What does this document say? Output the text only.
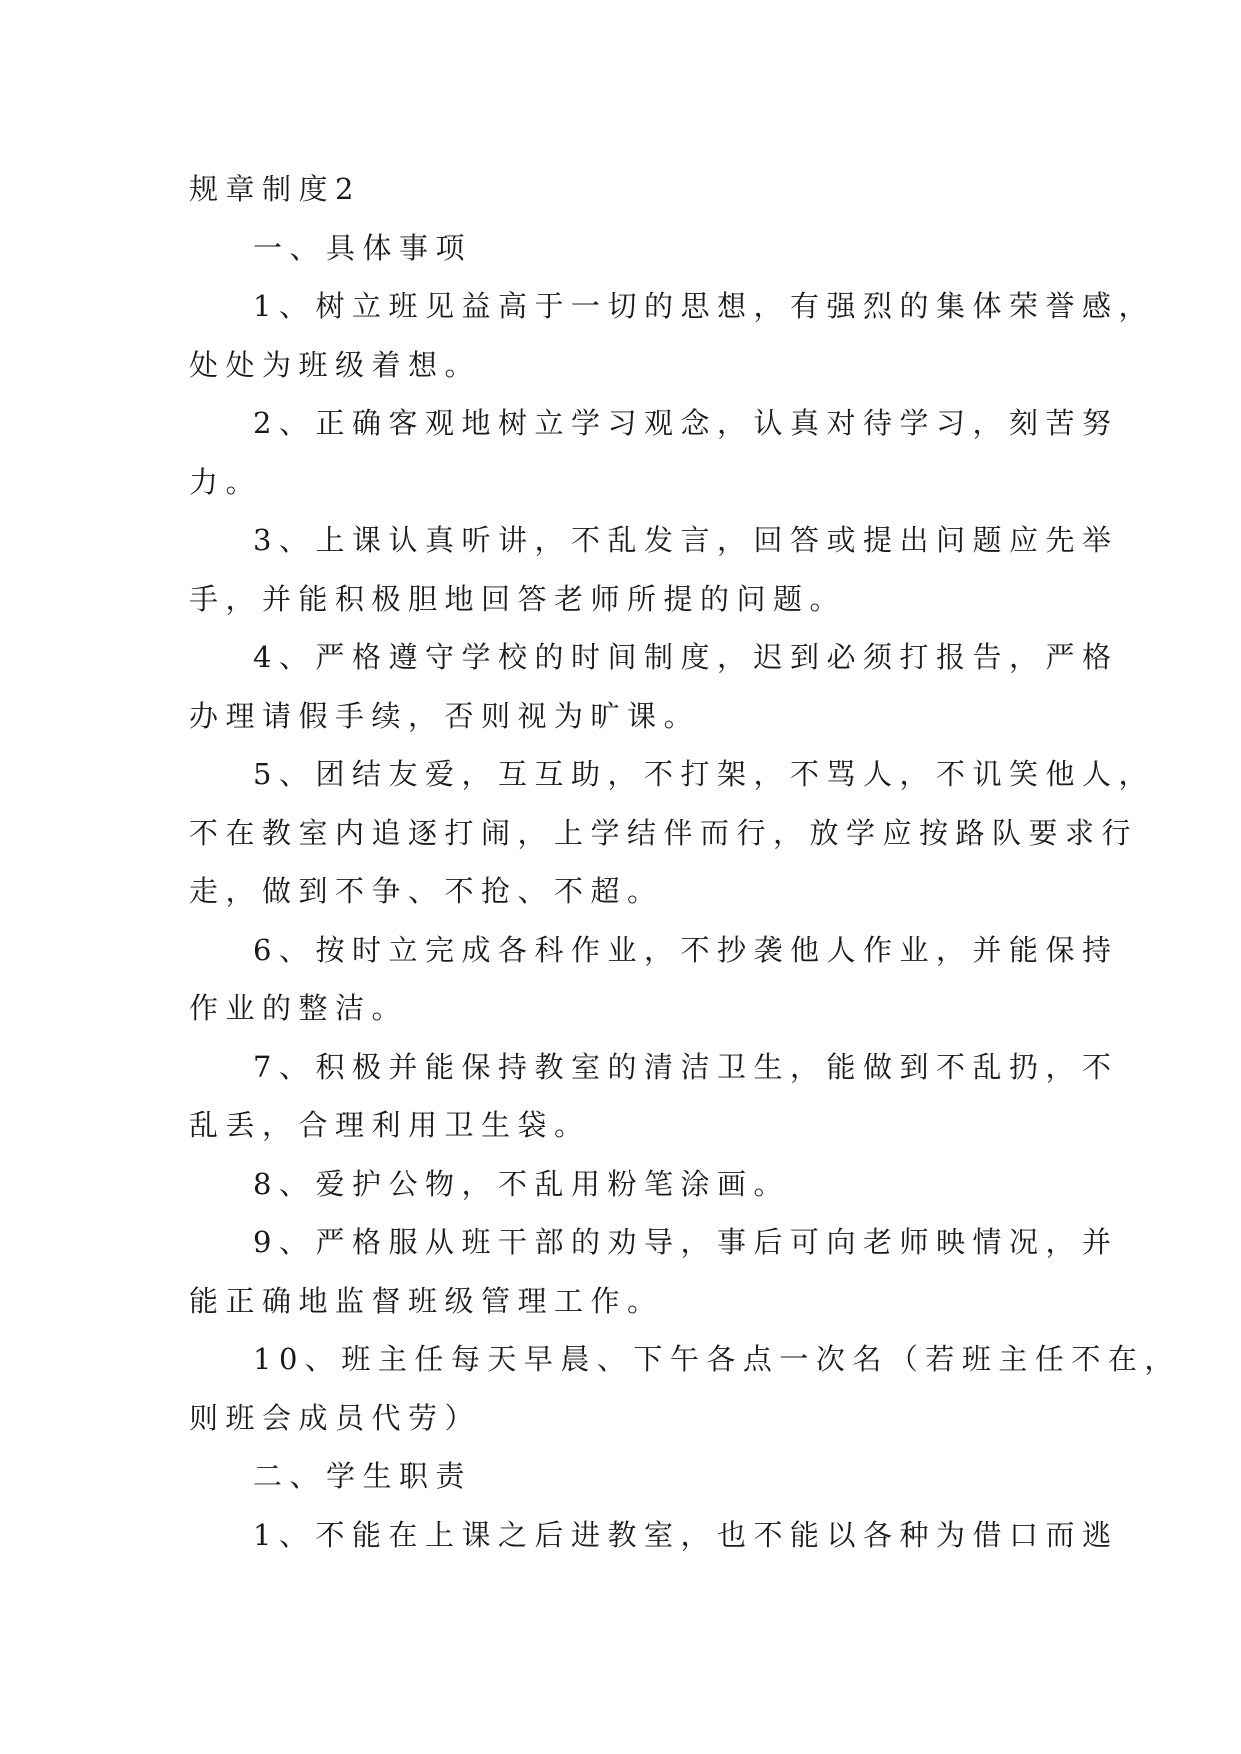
规章制度2

一、具体事项

1、树立班见益高于一切的思想，有强烈的集体荣誉感，
处处为班级着想。

2、正确客观地树立学习观念，认真对待学习，刻苦努
力。

3、上课认真听讲，不乱发言，回答或提出问题应先举
手，并能积极胆地回答老师所提的问题。

4、严格遵守学校的时间制度，迟到必须打报告，严格
办理请假手续，否则视为旷课。

5、团结友爱，互互助，不打架，不骂人，不讥笑他人，
不在教室内追逐打闹，上学结伴而行，放学应按路队要求行
走，做到不争、不抢、不超。

6、按时立完成各科作业，不抄袭他人作业，并能保持
作业的整洁。

7、积极并能保持教室的清洁卫生，能做到不乱扔，不
乱丢，合理利用卫生袋。

8、爱护公物，不乱用粉笔涂画。

9、严格服从班干部的劝导，事后可向老师映情况，并
能正确地监督班级管理工作。

10、班主任每天早晨、下午各点一次名（若班主任不在，
则班会成员代劳）

二、学生职责

1、不能在上课之后进教室，也不能以各种为借口而逃
